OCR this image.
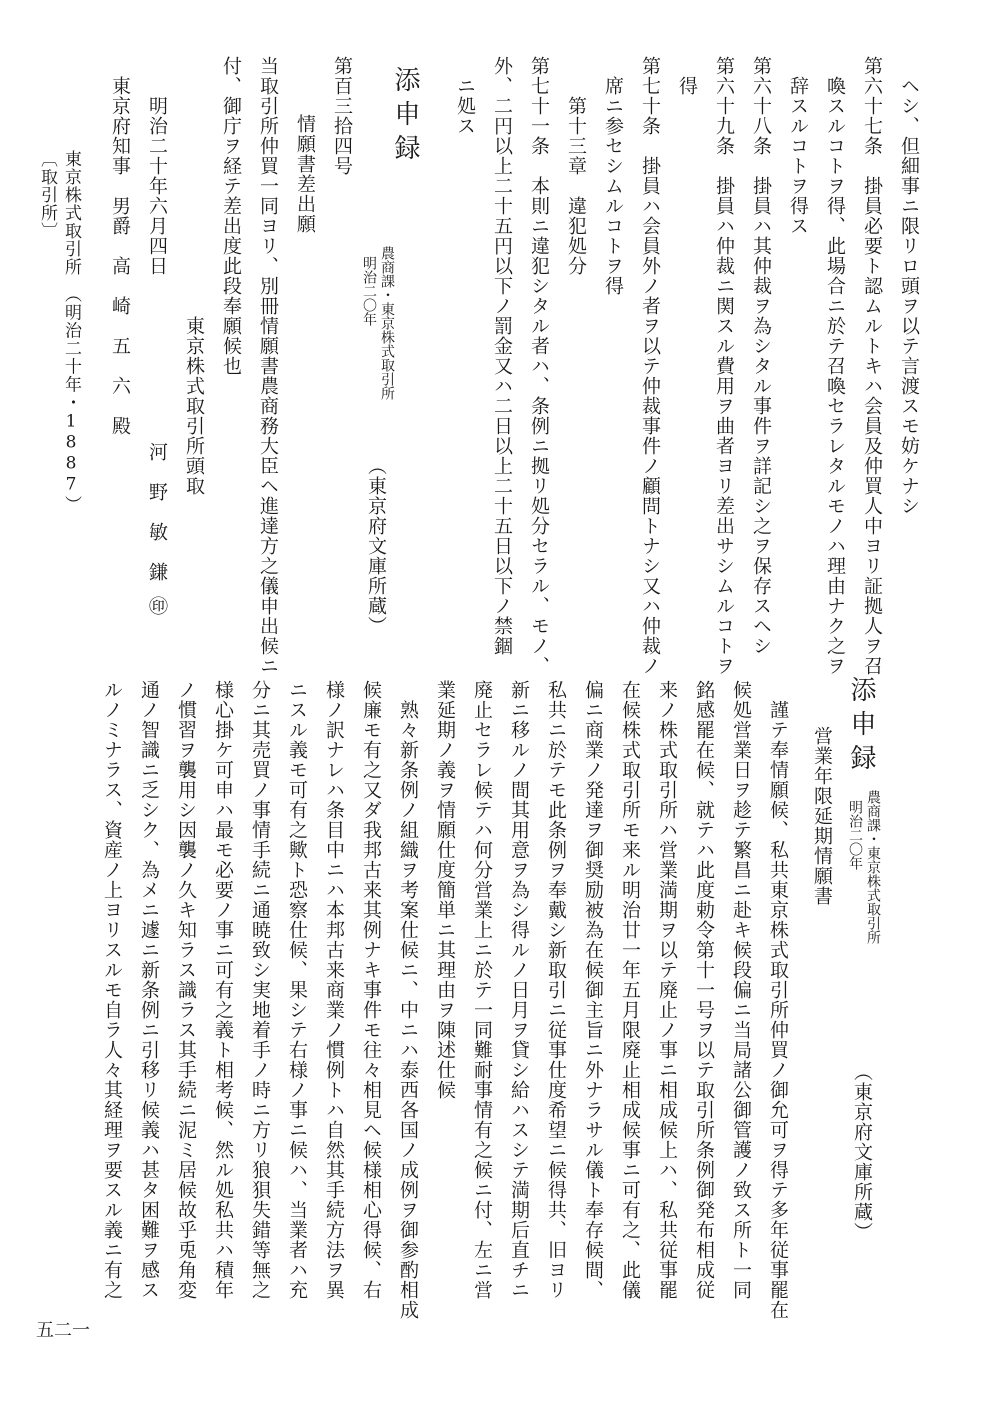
ヘシ、但細事ニ限リロ頭ヲ以テ言渡スモ妨ケナシ
第六十七条　掛員必要ト認ムルトキハ会員及仲買人中ヨリ証拠人ヲ召
喚スルコトヲ得、此場合ニ於テ召喚セラレタルモノハ理由ナク之ヲ
辞スルコトヲ得ス
第六十八条　掛員ハ其仲裁ヲ為シタル事件ヲ詳記シ之ヲ保存スヘシ
第六十九条　掛員ハ仲裁ニ関スル費用ヲ曲者ヨリ差出サシムルコトヲ
得
第七十条　掛員ハ会員外ノ者ヲ以テ仲裁事件ノ顧問トナシ又ハ仲裁ノ
席ニ参セシムルコトヲ得
第十三章　違犯処分
第七十一条　本則ニ違犯シタル者ハ、条例ニ拠リ処分セラル、モノ、
外、二円以上二十五円以下ノ罰金又ハ二日以上二十五日以下ノ禁錮
ニ処ス
添申録
農商課・東京株式取引所
明治二〇年
（東京府文庫所蔵）
第百三拾四号
情願書差出願
当取引所仲買一同ヨリ、別冊情願書農商務大臣ヘ進達方之儀申出候ニ
付、御庁ヲ経テ差出度此段奉願候也
東京株式取引所頭取
明治二十年六月四日
河　野　敏　鎌
㊞
東京府知事　男爵　高　崎　五　六　殿
東京株式取引所　（明治二十年・1887）
〔取引所〕
添申録
農商課・東京株式取引所
明治二〇年
（東京府文庫所蔵）
営業年限延期情願書
謹テ奉情願候、私共東京株式取引所仲買ノ御允可ヲ得テ多年従事罷在
候処営業日ヲ趁テ繁昌ニ赴キ候段偏ニ当局諸公御管護ノ致ス所ト一同
銘感罷在候、就テハ此度勅令第十一号ヲ以テ取引所条例御発布相成従
来ノ株式取引所ハ営業満期ヲ以テ廃止ノ事ニ相成候上ハ、私共従事罷
在候株式取引所モ来ル明治廿一年五月限廃止相成候事ニ可有之、此儀
偏ニ商業ノ発達ヲ御奨励被為在候御主旨ニ外ナラサル儀ト奉存候間、
私共ニ於テモ此条例ヲ奉戴シ新取引ニ従事仕度希望ニ候得共、旧ヨリ
新ニ移ルノ間其用意ヲ為シ得ルノ日月ヲ貸シ給ハスシテ満期后直チニ
廃止セラレ候テハ何分営業上ニ於テ一同難耐事情有之候ニ付、左ニ営
業延期ノ義ヲ情願仕度簡単ニ其理由ヲ陳述仕候
熟々新条例ノ組織ヲ考案仕候ニ、中ニハ泰西各国ノ成例ヲ御参酌相成
候廉モ有之又ダ我邦古来其例ナキ事件モ往々相見ヘ候様相心得候、右
様ノ訳ナレハ条目中ニハ本邦古来商業ノ慣例トハ自然其手続方法ヲ異
ニスル義モ可有之歟ト恐察仕候、果シテ右様ノ事ニ候ハ、当業者ハ充
分ニ其売買ノ事情手続ニ通暁致シ実地着手ノ時ニ方リ狼狽失錯等無之
様心掛ケ可申ハ最モ必要ノ事ニ可有之義ト相考候、然ル処私共ハ積年
ノ慣習ヲ襲用シ因襲ノ久キ知ラス識ラス其手続ニ泥ミ居候故乎兎角変
通ノ智識ニ乏シク、為メニ遽ニ新条例ニ引移リ候義ハ甚タ困難ヲ感ス
ルノミナラス、資産ノ上ヨリスルモ自ラ人々其経理ヲ要スル義ニ有之
五二一
